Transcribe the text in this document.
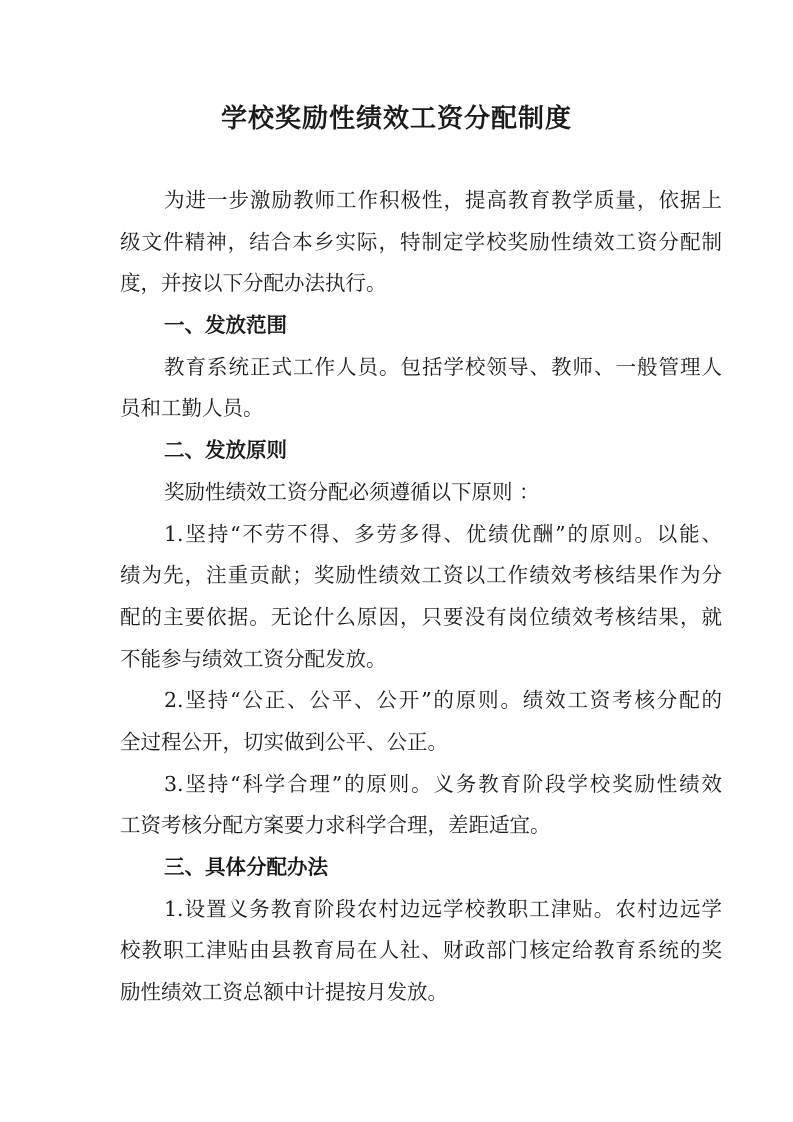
学校奖励性绩效工资分配制度
为进一步激励教师工作积极性，提高教育教学质量，依据上
级文件精神，结合本乡实际，特制定学校奖励性绩效工资分配制
度，并按以下分配办法执行。
一、发放范围
教育系统正式工作人员。包括学校领导、教师、一般管理人
员和工勤人员。
二、发放原则
奖励性绩效工资分配必须遵循以下原则 ：
1.坚持“不劳不得、多劳多得、优绩优酬”的原则。以能、
绩为先，注重贡献；奖励性绩效工资以工作绩效考核结果作为分
配的主要依据。无论什么原因，只要没有岗位绩效考核结果，就
不能参与绩效工资分配发放。
2.坚持“公正、公平、公开”的原则。绩效工资考核分配的
全过程公开，切实做到公平、公正。
3.坚持“科学合理”的原则。义务教育阶段学校奖励性绩效
工资考核分配方案要力求科学合理，差距适宜。
三、具体分配办法
1.设置义务教育阶段农村边远学校教职工津贴。农村边远学
校教职工津贴由县教育局在人社、财政部门核定给教育系统的奖
励性绩效工资总额中计提按月发放。
